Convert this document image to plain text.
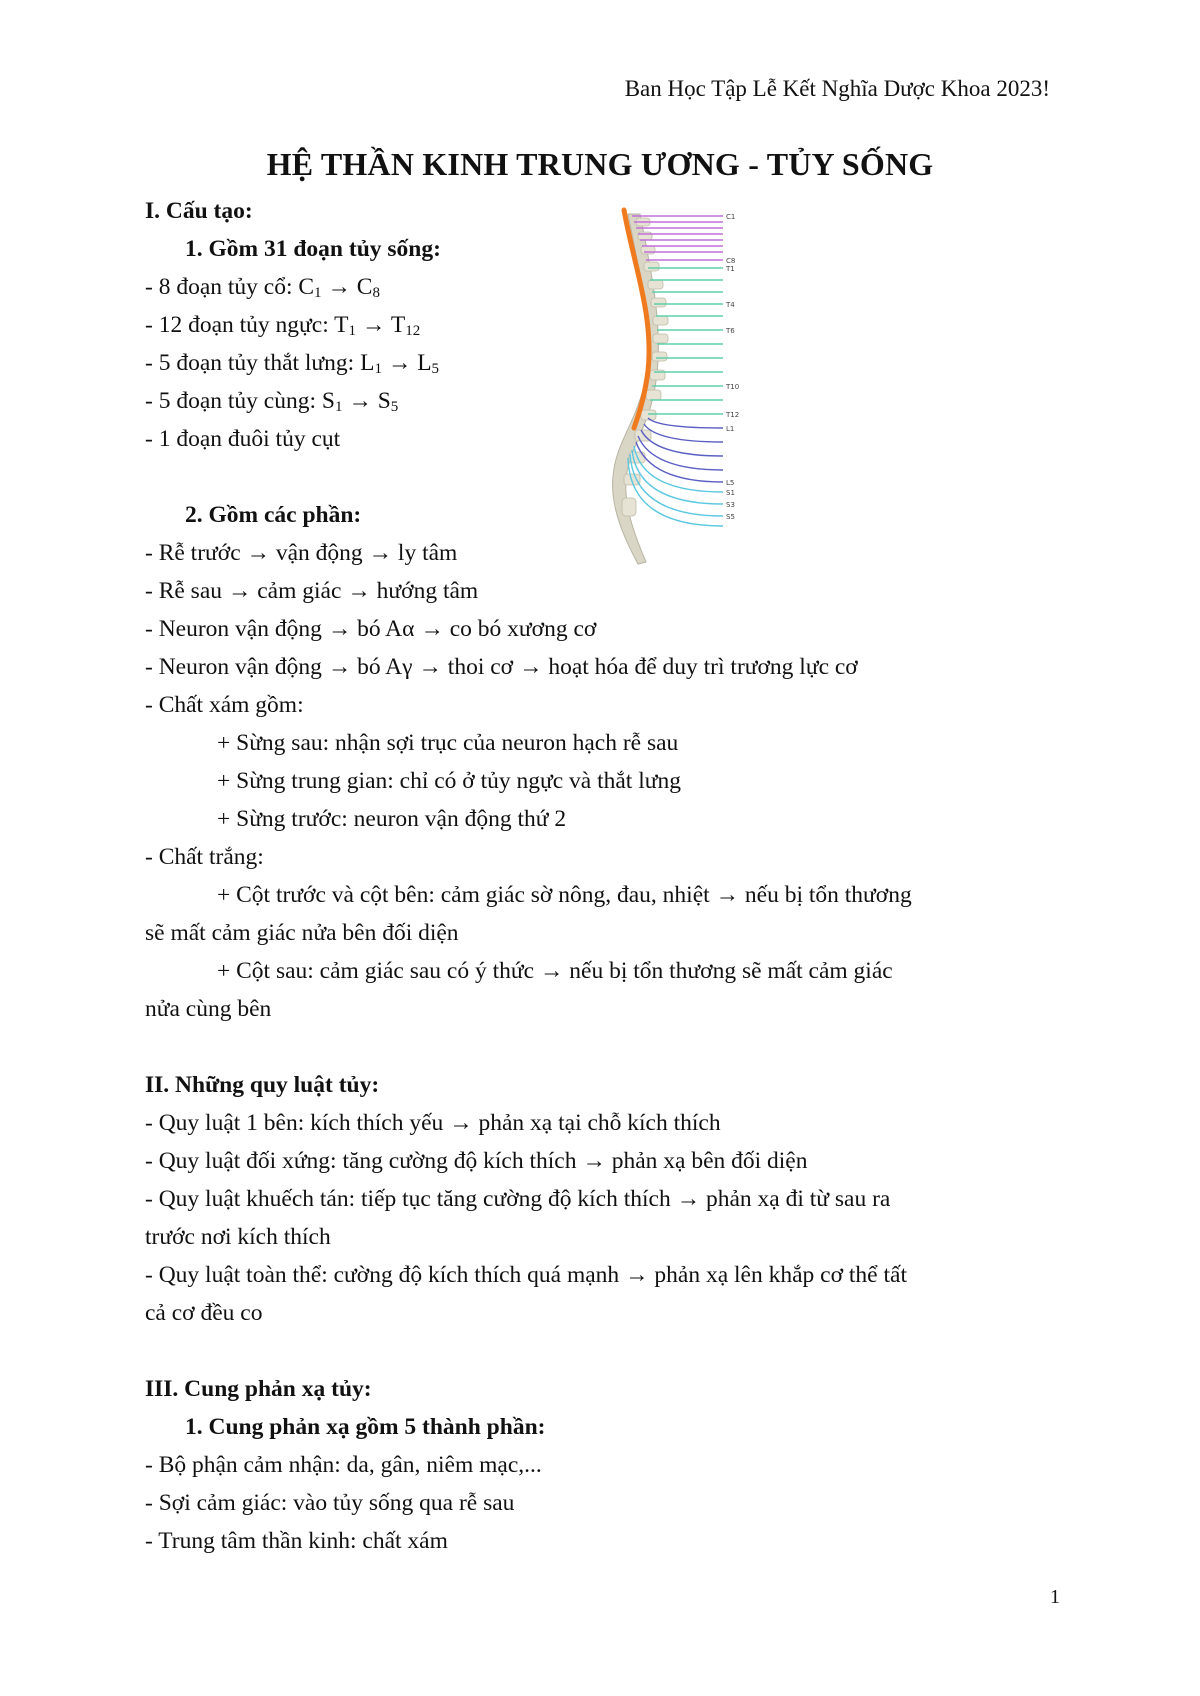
Ban Học Tập Lễ Kết Nghĩa Dược Khoa 2023!
HỆ THẦN KINH TRUNG ƯƠNG - TỦY SỐNG
C1
C8
T1
T4
T6
T10
T12
L1
L5
S1
S3
S5
I. Cấu tạo:
1. Gồm 31 đoạn tủy sống:
- 8 đoạn tủy cổ: $C_1 \to C_8$
- 12 đoạn tủy ngực: $T_1 \to T_{12}$
- 5 đoạn tủy thắt lưng: $L_1 \to L_5$
- 5 đoạn tủy cùng: $S_1 \to S_5$
- 1 đoạn đuôi tủy cụt
2. Gồm các phần:
- Rễ trước → vận động → ly tâm
- Rễ sau → cảm giác → hướng tâm
- Neuron vận động → bó Aα → co bó xương cơ
- Neuron vận động → bó Aγ → thoi cơ → hoạt hóa để duy trì trương lực cơ
- Chất xám gồm:
+ Sừng sau: nhận sợi trục của neuron hạch rễ sau
+ Sừng trung gian: chỉ có ở tủy ngực và thắt lưng
+ Sừng trước: neuron vận động thứ 2
- Chất trắng:
+ Cột trước và cột bên: cảm giác sờ nông, đau, nhiệt → nếu bị tổn thương
sẽ mất cảm giác nửa bên đối diện
+ Cột sau: cảm giác sau có ý thức → nếu bị tổn thương sẽ mất cảm giác
nửa cùng bên
II. Những quy luật tủy:
- Quy luật 1 bên: kích thích yếu → phản xạ tại chỗ kích thích
- Quy luật đối xứng: tăng cường độ kích thích → phản xạ bên đối diện
- Quy luật khuếch tán: tiếp tục tăng cường độ kích thích → phản xạ đi từ sau ra
trước nơi kích thích
- Quy luật toàn thể: cường độ kích thích quá mạnh → phản xạ lên khắp cơ thể tất
cả cơ đều co
III. Cung phản xạ tủy:
1. Cung phản xạ gồm 5 thành phần:
- Bộ phận cảm nhận: da, gân, niêm mạc,...
- Sợi cảm giác: vào tủy sống qua rễ sau
- Trung tâm thần kinh: chất xám
1
